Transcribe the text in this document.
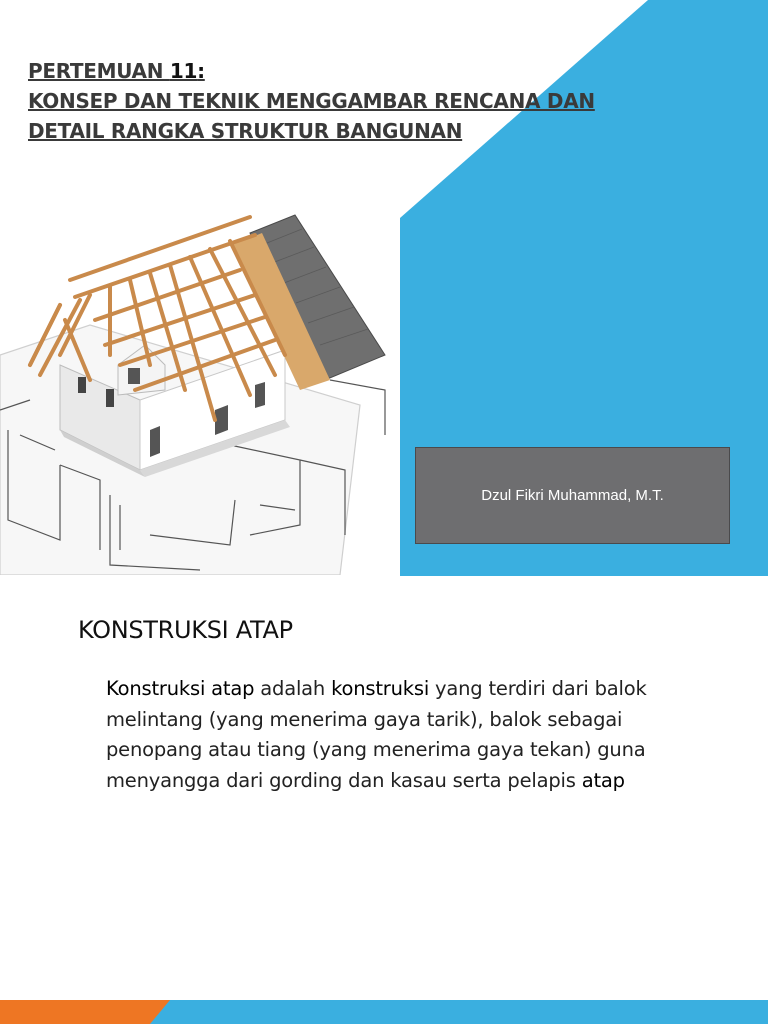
PERTEMUAN 11:
KONSEP DAN TEKNIK MENGGAMBAR RENCANA DAN
DETAIL RANGKA STRUKTUR BANGUNAN
Dzul Fikri Muhammad, M.T.
KONSTRUKSI ATAP

Konstruksi atap adalah konstruksi yang terdiri dari balok melintang (yang menerima gaya tarik), balok sebagai penopang atau tiang (yang menerima gaya tekan) guna menyangga dari gording dan kasau serta pelapis atap
